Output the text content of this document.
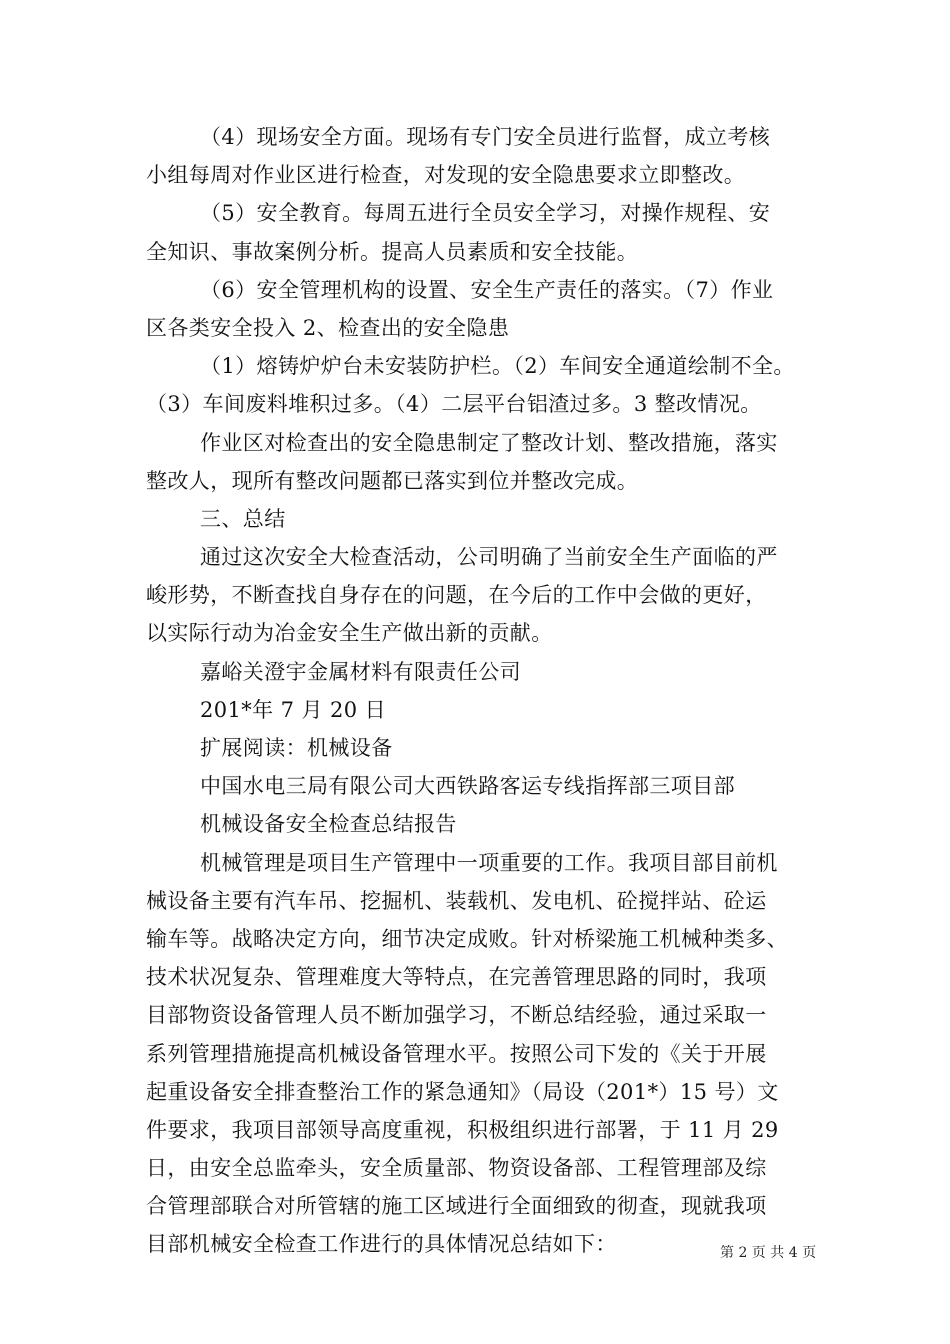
（4）现场安全方面。现场有专门安全员进行监督，成立考核
小组每周对作业区进行检查，对发现的安全隐患要求立即整改。
（5）安全教育。每周五进行全员安全学习，对操作规程、安
全知识、事故案例分析。提高人员素质和安全技能。
（6）安全管理机构的设置、安全生产责任的落实。（7）作业
区各类安全投入 2、检查出的安全隐患
（1）熔铸炉炉台未安装防护栏。（2）车间安全通道绘制不全。
（3）车间废料堆积过多。（4）二层平台铝渣过多。3 整改情况。
作业区对检查出的安全隐患制定了整改计划、整改措施，落实
整改人，现所有整改问题都已落实到位并整改完成。
三、总结
通过这次安全大检查活动，公司明确了当前安全生产面临的严
峻形势，不断查找自身存在的问题，在今后的工作中会做的更好，
以实际行动为冶金安全生产做出新的贡献。
嘉峪关澄宇金属材料有限责任公司
201*年 7 月 20 日
扩展阅读：机械设备
中国水电三局有限公司大西铁路客运专线指挥部三项目部
机械设备安全检查总结报告
机械管理是项目生产管理中一项重要的工作。我项目部目前机
械设备主要有汽车吊、挖掘机、装载机、发电机、砼搅拌站、砼运
输车等。战略决定方向，细节决定成败。针对桥梁施工机械种类多、
技术状况复杂、管理难度大等特点，在完善管理思路的同时，我项
目部物资设备管理人员不断加强学习，不断总结经验，通过采取一
系列管理措施提高机械设备管理水平。按照公司下发的《关于开展
起重设备安全排查整治工作的紧急通知》（局设（201*）15 号）文
件要求，我项目部领导高度重视，积极组织进行部署，于 11 月 29
日，由安全总监牵头，安全质量部、物资设备部、工程管理部及综
合管理部联合对所管辖的施工区域进行全面细致的彻查，现就我项
目部机械安全检查工作进行的具体情况总结如下：	第 2 页 共 4 页
